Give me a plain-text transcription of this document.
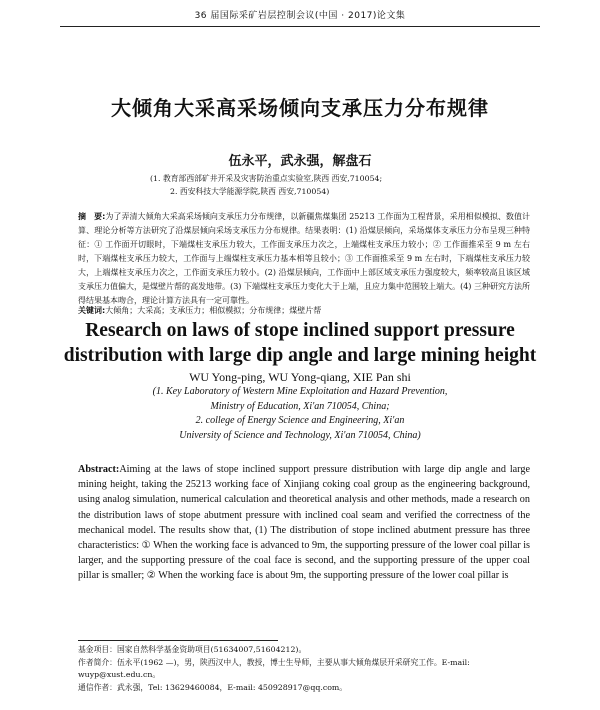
36 届国际采矿岩层控制会议(中国 · 2017)论文集
大倾角大采高采场倾向支承压力分布规律
伍永平，武永强，解盘石
(1. 教育部西部矿井开采及灾害防治重点实验室,陕西 西安,710054;
2. 西安科技大学能源学院,陕西 西安,710054)
摘　要:为了弄清大倾角大采高采场倾向支承压力分布规律，以新疆焦煤集团 25213 工作面为工程背景，采用相似模拟、数值计算、理论分析等方法研究了沿煤层倾向采场支承压力分布规律。结果表明：(1) 沿煤层倾向，采场煤体支承压力分布呈现三种特征：① 工作面开切眼时，下端煤柱支承压力较大，工作面支承压力次之，上端煤柱支承压力较小；② 工作面推采至 9 m 左右时，下端煤柱支承压力较大，工作面与上端煤柱支承压力基本相等且较小；③ 工作面推采至 9 m 左右时，下端煤柱支承压力较大，上端煤柱支承压力次之，工作面支承压力较小。(2) 沿煤层倾向，工作面中上部区域支承压力强度较大，频率较高且该区域支承压力值偏大，是煤壁片帮的高发地带。(3) 下端煤柱支承压力变化大于上端，且应力集中范围较上端大。(4) 三种研究方法所得结果基本吻合，理论计算方法具有一定可靠性。
关键词:大倾角；大采高；支承压力；相似模拟；分布规律；煤壁片帮
Research on laws of stope inclined support pressure
distribution with large dip angle and large mining height
WU Yong-ping, WU Yong-qiang, XIE Pan shi
(1. Key Laboratory of Western Mine Exploitation and Hazard Prevention,
Ministry of Education, Xi'an 710054, China;
2. college of Energy Science and Engineering, Xi'an
University of Science and Technology, Xi'an 710054, China)
Abstract:Aiming at the laws of stope inclined support pressure distribution with large dip angle and large mining height, taking the 25213 working face of Xinjiang coking coal group as the engineering background, using analog simulation, numerical calculation and theoretical analysis and other methods, made a research on the distribution laws of stope abutment pressure with inclined coal seam and verified the correctness of the mechanical model. The results show that, (1) The distribution of stope inclined abutment pressure has three characteristics: ① When the working face is advanced to 9m, the supporting pressure of the lower coal pillar is larger, and the supporting pressure of the coal face is second, and the supporting pressure of the upper coal pillar is smaller; ② When the working face is about 9m, the supporting pressure of the lower coal pillar is
基金项目：国家自然科学基金资助项目(51634007,51604212)。
作者简介：伍永平(1962 —)，男，陕西汉中人，教授，博士生导师，主要从事大倾角煤层开采研究工作。E-mail: wuyp@xust.edu.cn。
通信作者：武永强，Tel: 13629460084，E-mail: 450928917@qq.com。
